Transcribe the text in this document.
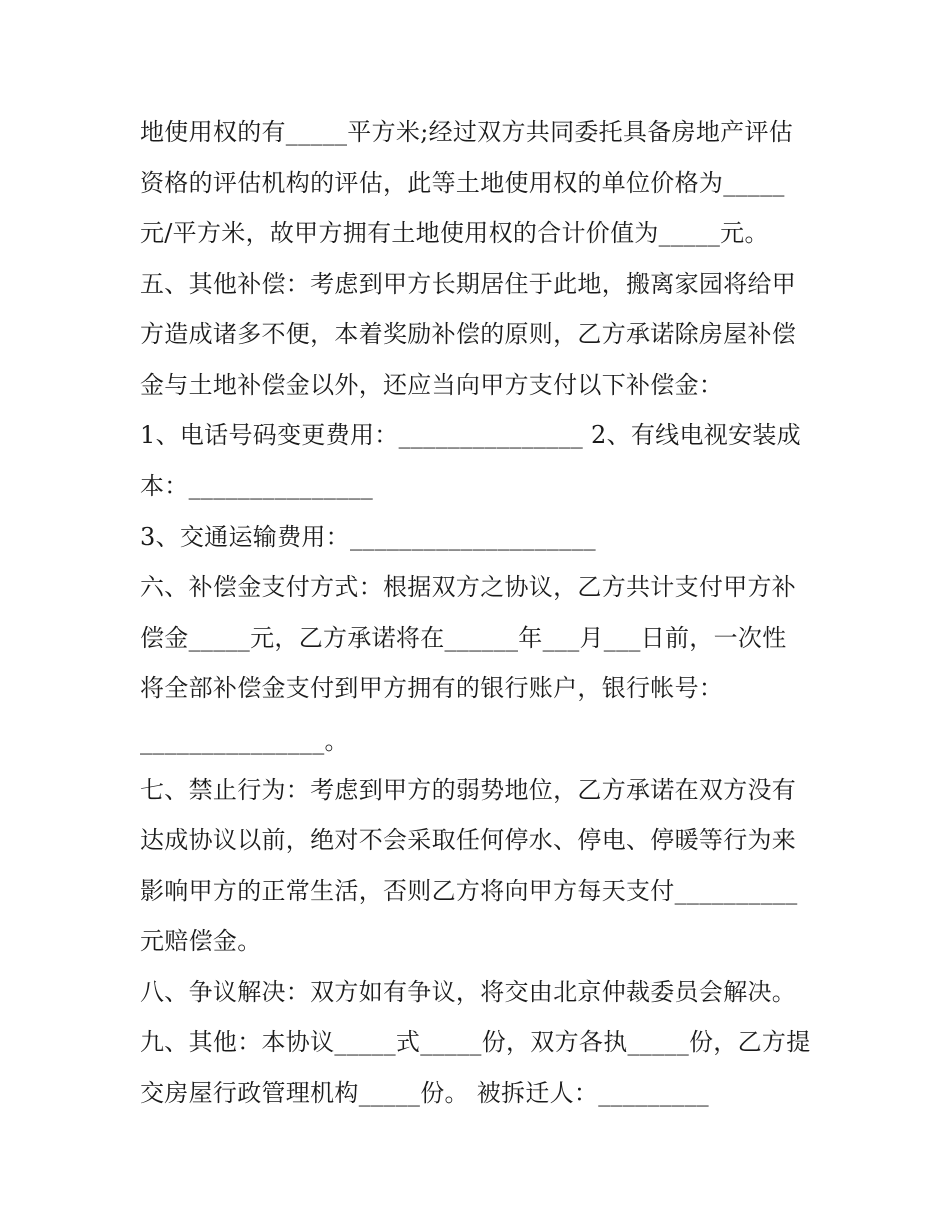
地使用权的有_____平方米;经过双方共同委托具备房地产评估
资格的评估机构的评估，此等土地使用权的单位价格为_____
元/平方米，故甲方拥有土地使用权的合计价值为_____元。
五、其他补偿：考虑到甲方长期居住于此地，搬离家园将给甲
方造成诸多不便，本着奖励补偿的原则，乙方承诺除房屋补偿
金与土地补偿金以外，还应当向甲方支付以下补偿金：
1、电话号码变更费用：_______________ 2、有线电视安装成
本：_______________
3、交通运输费用：____________________
六、补偿金支付方式：根据双方之协议，乙方共计支付甲方补
偿金_____元，乙方承诺将在______年___月___日前，一次性
将全部补偿金支付到甲方拥有的银行账户，银行帐号：
_______________。
七、禁止行为：考虑到甲方的弱势地位，乙方承诺在双方没有
达成协议以前，绝对不会采取任何停水、停电、停暖等行为来
影响甲方的正常生活，否则乙方将向甲方每天支付__________
元赔偿金。
八、争议解决：双方如有争议，将交由北京仲裁委员会解决。
九、其他：本协议_____式_____份，双方各执_____份，乙方提
交房屋行政管理机构_____份。 被拆迁人：_________
